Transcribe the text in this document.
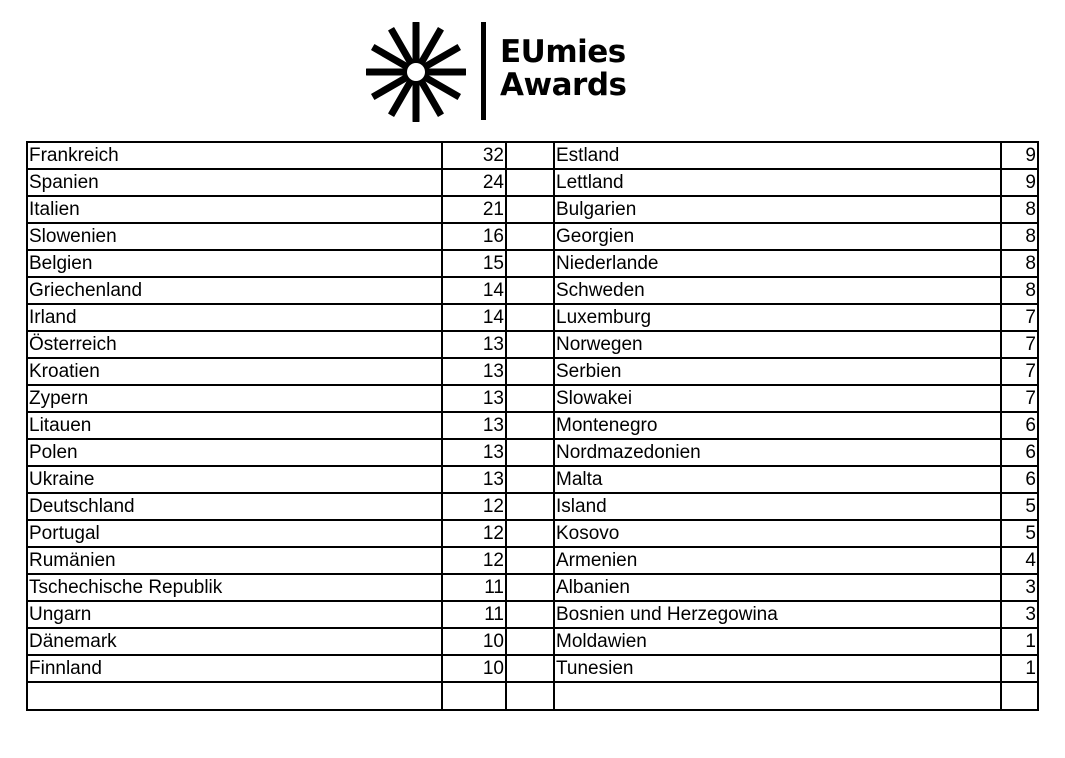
EUmies
Awards
Frankreich	32		Estland	9
Spanien	24		Lettland	9
Italien	21		Bulgarien	8
Slowenien	16		Georgien	8
Belgien	15		Niederlande	8
Griechenland	14		Schweden	8
Irland	14		Luxemburg	7
Österreich	13		Norwegen	7
Kroatien	13		Serbien	7
Zypern	13		Slowakei	7
Litauen	13		Montenegro	6
Polen	13		Nordmazedonien	6
Ukraine	13		Malta	6
Deutschland	12		Island	5
Portugal	12		Kosovo	5
Rumänien	12		Armenien	4
Tschechische Republik	11		Albanien	3
Ungarn	11		Bosnien und Herzegowina	3
Dänemark	10		Moldawien	1
Finnland	10		Tunesien	1
